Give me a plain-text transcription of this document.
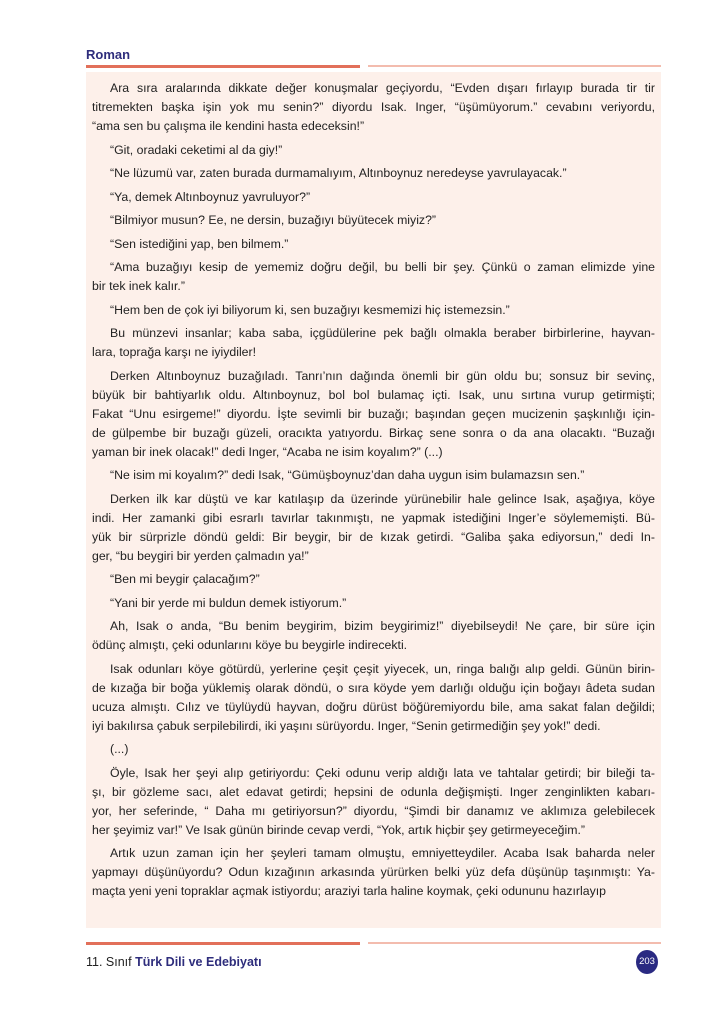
Roman
Ara sıra aralarında dikkate değer konuşmalar geçiyordu, “Evden dışarı fırlayıp burada tir tir
titremekten başka işin yok mu senin?” diyordu Isak. Inger, “üşümüyorum.” cevabını veriyordu,
“ama sen bu çalışma ile kendini hasta edeceksin!”
“Git, oradaki ceketimi al da giy!”
“Ne lüzumü var, zaten burada durmamalıyım, Altınboynuz neredeyse yavrulayacak.”
“Ya, demek Altınboynuz yavruluyor?”
“Bilmiyor musun? Ee, ne dersin, buzağıyı büyütecek miyiz?”
“Sen istediğini yap, ben bilmem.”
“Ama buzağıyı kesip de yememiz doğru değil, bu belli bir şey. Çünkü o zaman elimizde yine
bir tek inek kalır.”
“Hem ben de çok iyi biliyorum ki, sen buzağıyı kesmemizi hiç istemezsin.”
Bu münzevi insanlar; kaba saba, içgüdülerine pek bağlı olmakla beraber birbirlerine, hayvan-
lara, toprağa karşı ne iyiydiler!
Derken Altınboynuz buzağıladı. Tanrı’nın dağında önemli bir gün oldu bu; sonsuz bir sevinç,
büyük bir bahtiyarlık oldu. Altınboynuz, bol bol bulamaç içti. Isak, unu sırtına vurup getirmişti;
Fakat “Unu esirgeme!” diyordu. İşte sevimli bir buzağı; başından geçen mucizenin şaşkınlığı için-
de gülpembe bir buzağı güzeli, oracıkta yatıyordu. Birkaç sene sonra o da ana olacaktı. “Buzağı
yaman bir inek olacak!” dedi Inger, “Acaba ne isim koyalım?” (...)
“Ne isim mi koyalım?” dedi Isak, “Gümüşboynuz’dan daha uygun isim bulamazsın sen.”
Derken ilk kar düştü ve kar katılaşıp da üzerinde yürünebilir hale gelince Isak, aşağıya, köye
indi. Her zamanki gibi esrarlı tavırlar takınmıştı, ne yapmak istediğini Inger’e söylememişti. Bü-
yük bir sürprizle döndü geldi: Bir beygir, bir de kızak getirdi. “Galiba şaka ediyorsun,” dedi In-
ger, “bu beygiri bir yerden çalmadın ya!”
“Ben mi beygir çalacağım?”
“Yani bir yerde mi buldun demek istiyorum.”
Ah, Isak o anda, “Bu benim beygirim, bizim beygirimiz!” diyebilseydi! Ne çare, bir süre için
ödünç almıştı, çeki odunlarını köye bu beygirle indirecekti.
Isak odunları köye götürdü, yerlerine çeşit çeşit yiyecek, un, ringa balığı alıp geldi. Günün birin-
de kızağa bir boğa yüklemiş olarak döndü, o sıra köyde yem darlığı olduğu için boğayı âdeta sudan
ucuza almıştı. Cılız ve tüylüydü hayvan, doğru dürüst böğüremiyordu bile, ama sakat falan değildi;
iyi bakılırsa çabuk serpilebilirdi, iki yaşını sürüyordu. Inger, “Senin getirmediğin şey yok!” dedi.
(...)
Öyle, Isak her şeyi alıp getiriyordu: Çeki odunu verip aldığı lata ve tahtalar getirdi; bir bileği ta-
şı, bir gözleme sacı, alet edavat getirdi; hepsini de odunla değişmişti. Inger zenginlikten kabarı-
yor, her seferinde, “ Daha mı getiriyorsun?” diyordu, “Şimdi bir danamız ve aklımıza gelebilecek
her şeyimiz var!” Ve Isak günün birinde cevap verdi, “Yok, artık hiçbir şey getirmeyeceğim.”
Artık uzun zaman için her şeyleri tamam olmuştu, emniyetteydiler. Acaba Isak baharda neler
yapmayı düşünüyordu? Odun kızağının arkasında yürürken belki yüz defa düşünüp taşınmıştı: Ya-
maçta yeni yeni topraklar açmak istiyordu; araziyi tarla haline koymak, çeki odununu hazırlayıp
11. Sınıf Türk Dili ve Edebiyatı	203
